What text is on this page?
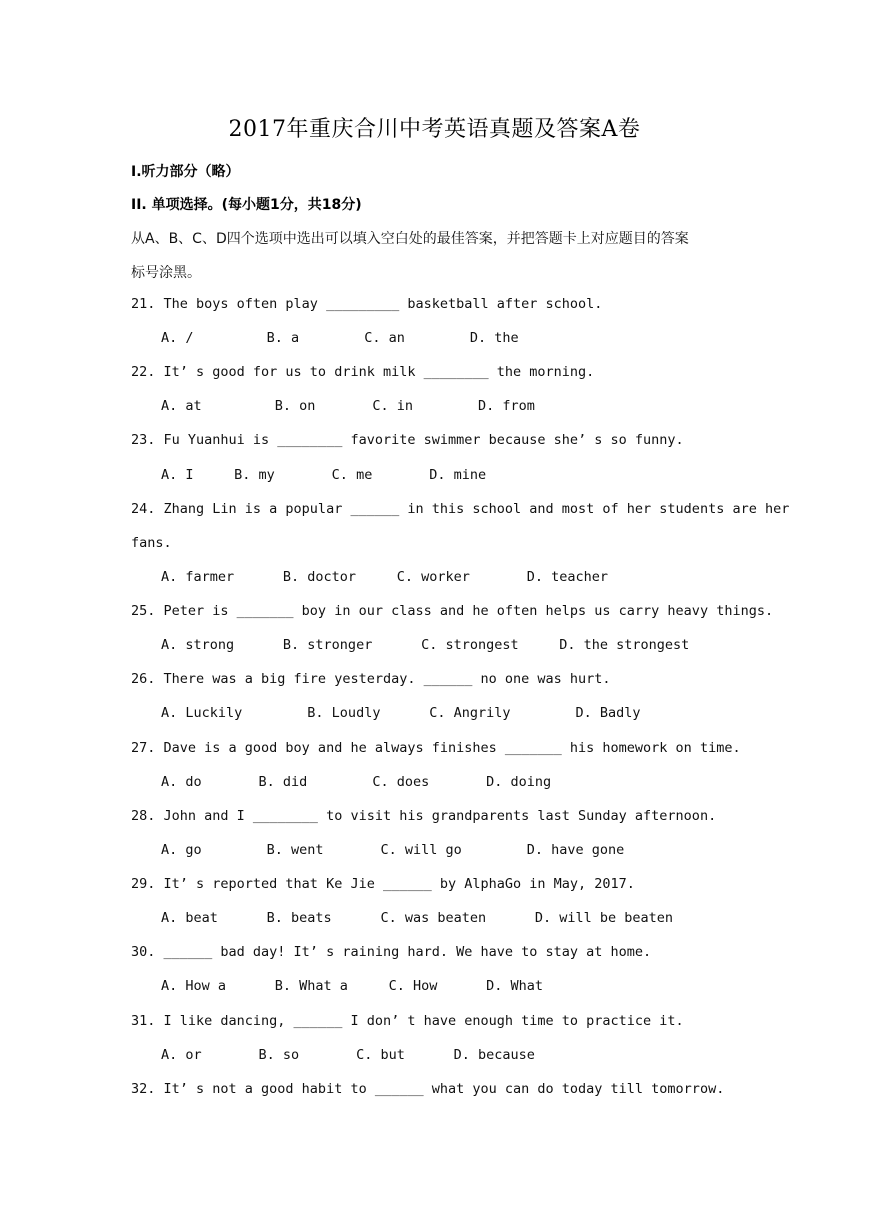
2017年重庆合川中考英语真题及答案A卷
I.听力部分（略）
II. 单项选择。(每小题1分，共18分)
从A、B、C、D四个选项中选出可以填入空白处的最佳答案，并把答题卡上对应题目的答案
标号涂黑。
21. The boys often play _________ basketball after school.
A. /         B. a        C. an        D. the
22. It’ s good for us to drink milk ________ the morning.
A. at         B. on       C. in        D. from
23. Fu Yuanhui is ________ favorite swimmer because she’ s so funny.
A. I     B. my       C. me       D. mine
24. Zhang Lin is a popular ______ in this school and most of her students are her
fans.
A. farmer      B. doctor     C. worker       D. teacher
25. Peter is _______ boy in our class and he often helps us carry heavy things.
A. strong      B. stronger      C. strongest     D. the strongest
26. There was a big fire yesterday. ______ no one was hurt.
A. Luckily        B. Loudly      C. Angrily        D. Badly
27. Dave is a good boy and he always finishes _______ his homework on time.
A. do       B. did        C. does       D. doing
28. John and I ________ to visit his grandparents last Sunday afternoon.
A. go        B. went       C. will go        D. have gone
29. It’ s reported that Ke Jie ______ by AlphaGo in May, 2017.
A. beat      B. beats      C. was beaten      D. will be beaten
30. ______ bad day! It’ s raining hard. We have to stay at home.
A. How a      B. What a     C. How      D. What
31. I like dancing, ______ I don’ t have enough time to practice it.
A. or       B. so       C. but      D. because
32. It’ s not a good habit to ______ what you can do today till tomorrow.
